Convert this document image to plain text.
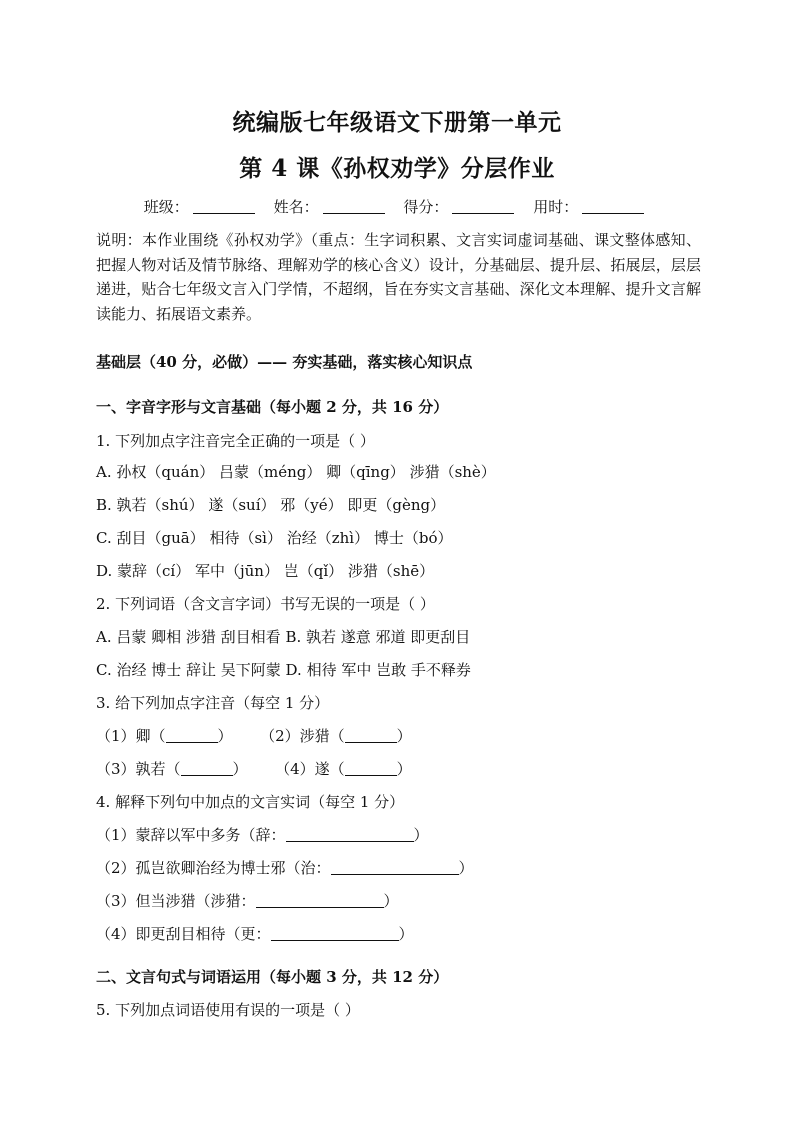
统编版七年级语文下册第一单元
第 4 课《孙权劝学》分层作业
班级：	姓名：	得分：	用时：
说明：本作业围绕《孙权劝学》（重点：生字词积累、文言实词虚词基础、课文整体感知、把握人物对话及情节脉络、理解劝学的核心含义）设计，分基础层、提升层、拓展层，层层递进，贴合七年级文言入门学情，不超纲，旨在夯实文言基础、深化文本理解、提升文言解读能力、拓展语文素养。
基础层（40 分，必做）—— 夯实基础，落实核心知识点
一、字音字形与文言基础（每小题 2 分，共 16 分）
1. 下列加点字注音完全正确的一项是（ ）
A. 孙权（quán） 吕蒙（méng） 卿（qīng） 涉猎（shè）
B. 孰若（shú） 遂（suí） 邪（yé） 即更（gèng）
C. 刮目（guā） 相待（sì） 治经（zhì） 博士（bó）
D. 蒙辞（cí） 军中（jūn） 岂（qǐ） 涉猎（shē）
2. 下列词语（含文言字词）书写无误的一项是（ ）
A. 吕蒙 卿相 涉猎 刮目相看 B. 孰若 遂意 邪道 即更刮目
C. 治经 博士 辞让 吴下阿蒙 D. 相待 军中 岂敢 手不释券
3. 给下列加点字注音（每空 1 分）
（1）卿（	） （2）涉猎（	）
（3）孰若（	） （4）遂（	）
4. 解释下列句中加点的文言实词（每空 1 分）
（1）蒙辞以军中多务（辞：	）
（2）孤岂欲卿治经为博士邪（治：	）
（3）但当涉猎（涉猎：	）
（4）即更刮目相待（更：	）
二、文言句式与词语运用（每小题 3 分，共 12 分）
5. 下列加点词语使用有误的一项是（ ）
